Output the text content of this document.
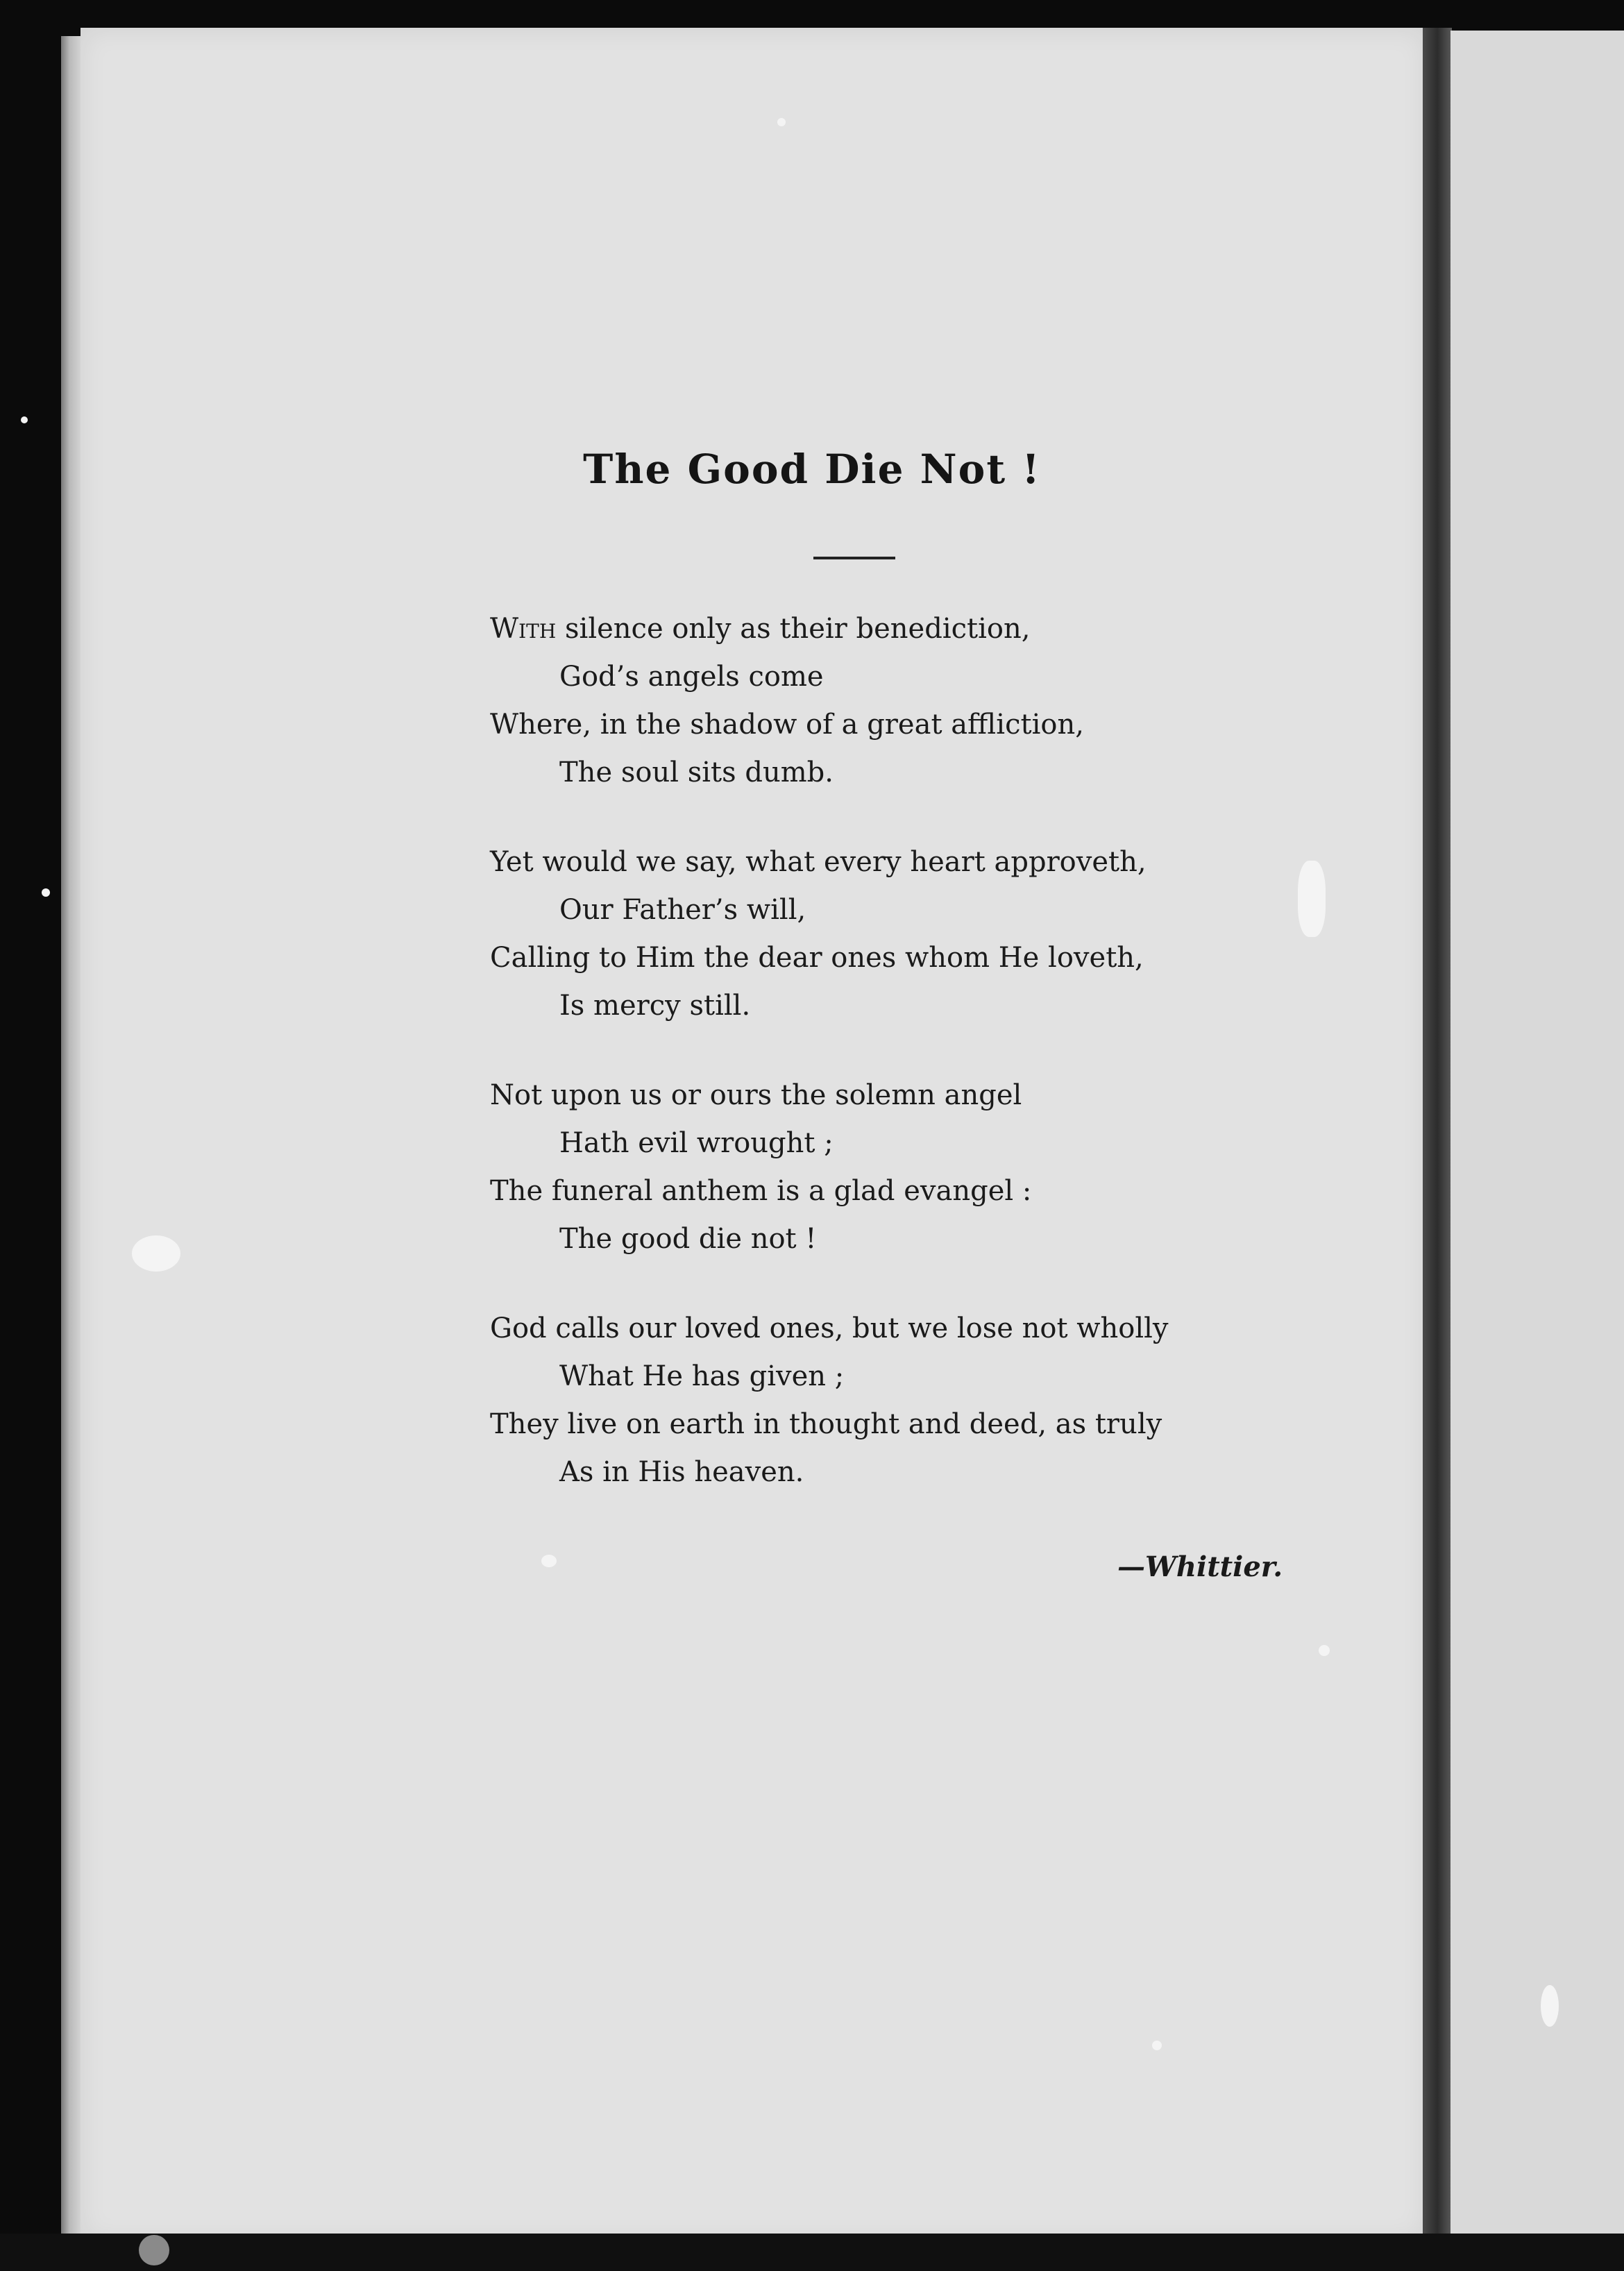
The Good Die Not !
With silence only as their benediction,
God’s angels come
Where, in the shadow of a great affliction,
The soul sits dumb.
Yet would we say, what every heart approveth,
Our Father’s will,
Calling to Him the dear ones whom He loveth,
Is mercy still.
Not upon us or ours the solemn angel
Hath evil wrought ;
The funeral anthem is a glad evangel :
The good die not !
God calls our loved ones, but we lose not wholly
What He has given ;
They live on earth in thought and deed, as truly
As in His heaven.
—Whittier.
